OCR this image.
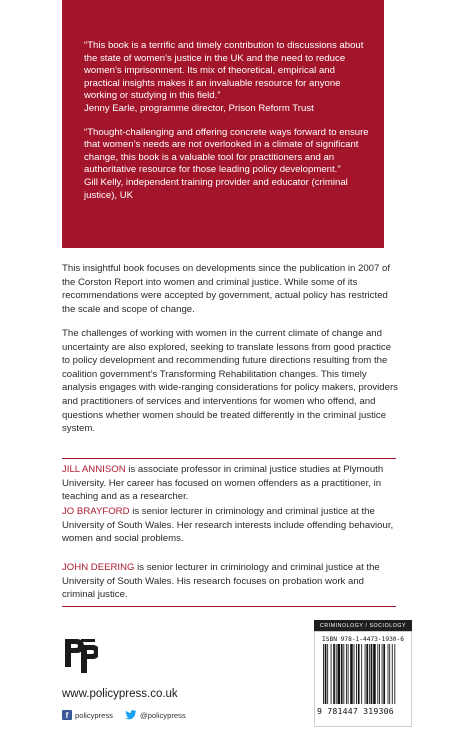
“This book is a terrific and timely contribution to discussions about the state of women’s justice in the UK and the need to reduce women’s imprisonment. Its mix of theoretical, empirical and practical insights makes it an invaluable resource for anyone working or studying in this field.”

Jenny Earle, programme director, Prison Reform Trust

“Thought-challenging and offering concrete ways forward to ensure that women’s needs are not overlooked in a climate of significant change, this book is a valuable tool for practitioners and an authoritative resource for those leading policy development.”

Gill Kelly, independent training provider and educator (criminal justice), UK

This insightful book focuses on developments since the publication in 2007 of the Corston Report into women and criminal justice. While some of its recommendations were accepted by government, actual policy has restricted the scale and scope of change.

The challenges of working with women in the current climate of change and uncertainty are also explored, seeking to translate lessons from good practice to policy development and recommending future directions resulting from the coalition government’s Transforming Rehabilitation changes. This timely analysis engages with wide-ranging considerations for policy makers, providers and practitioners of services and interventions for women who offend, and questions whether women should be treated differently in the criminal justice system.

JILL ANNISON is associate professor in criminal justice studies at Plymouth University. Her career has focused on women offenders as a practitioner, in teaching and as a researcher.

JO BRAYFORD is senior lecturer in criminology and criminal justice at the University of South Wales. Her research interests include offending behaviour, women and social problems.

JOHN DEERING is senior lecturer in criminology and criminal justice at the University of South Wales. His research focuses on probation work and criminal justice.

www.policypress.co.uk
f policypress	@policypress
CRIMINOLOGY / SOCIOLOGY
ISBN 978-1-4473-1930-6
9 781447 319306
